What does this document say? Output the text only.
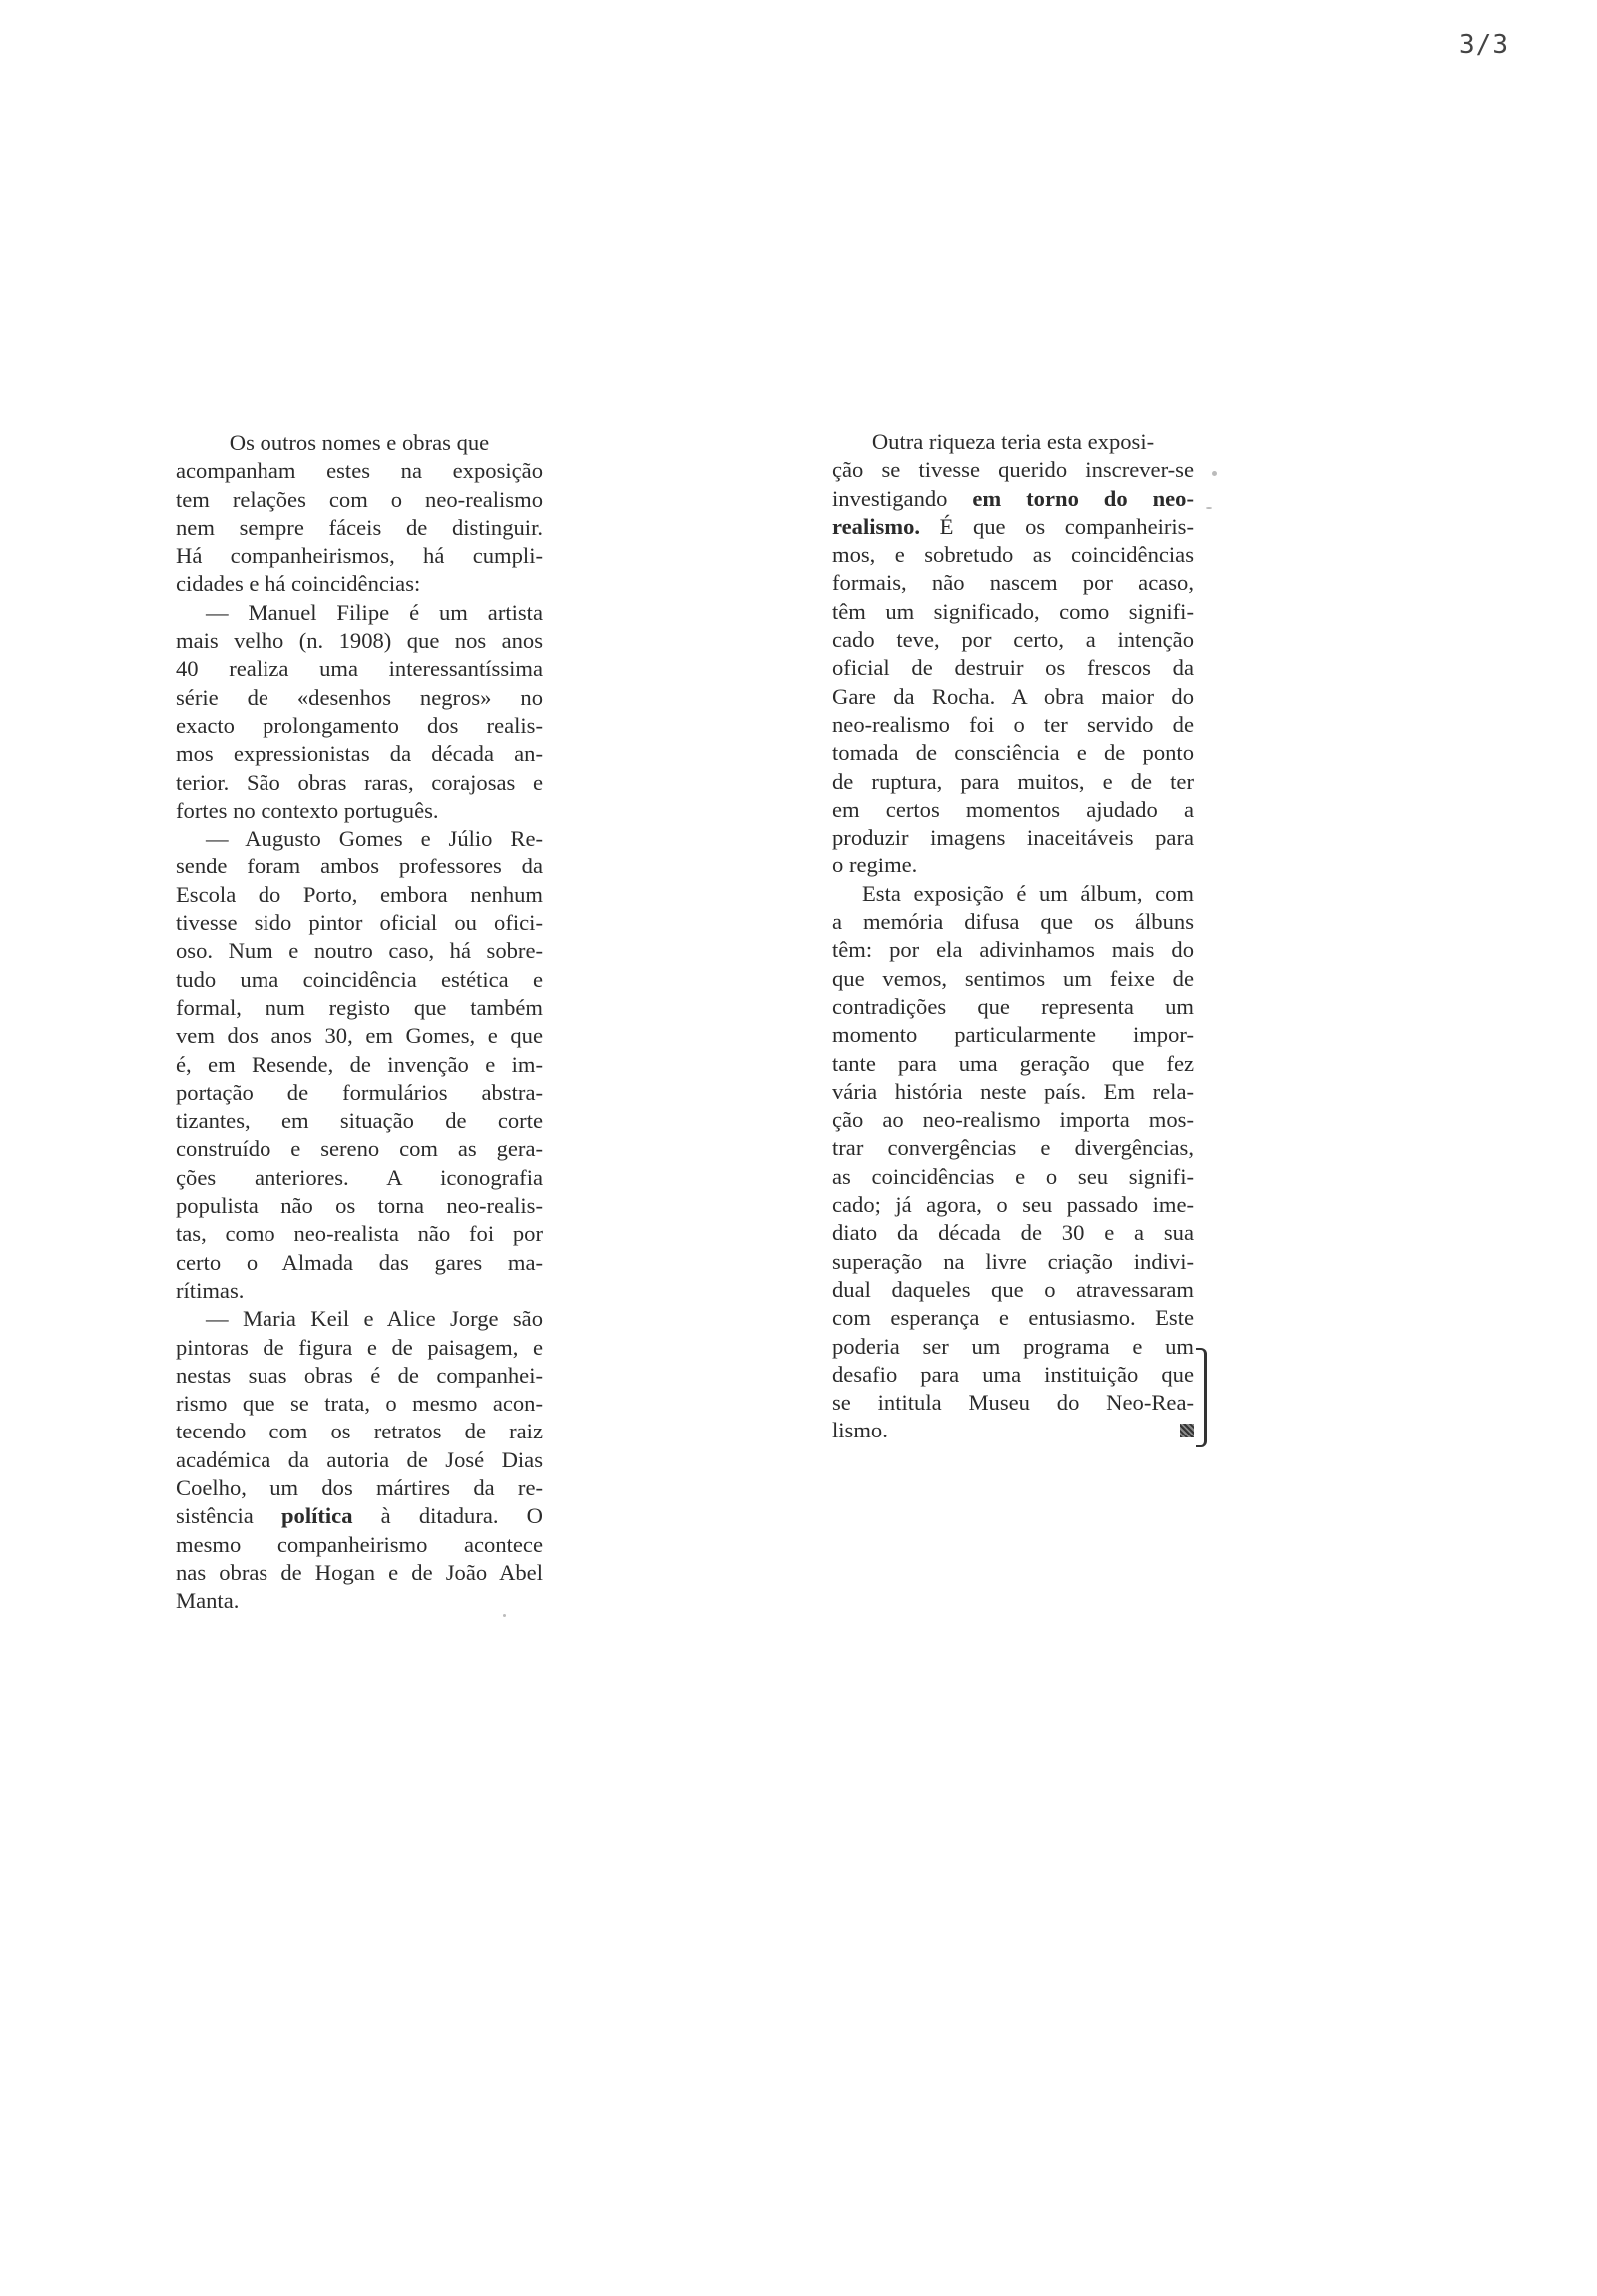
3/3
Os outros nomes e obras que
acompanham estes na exposição
tem relações com o neo-realismo
nem sempre fáceis de distinguir.
Há companheirismos, há cumpli-
cidades e há coincidências:
— Manuel Filipe é um artista
mais velho (n. 1908) que nos anos
40 realiza uma interessantíssima
série de «desenhos negros» no
exacto prolongamento dos realis-
mos expressionistas da década an-
terior. São obras raras, corajosas e
fortes no contexto português.
— Augusto Gomes e Júlio Re-
sende foram ambos professores da
Escola do Porto, embora nenhum
tivesse sido pintor oficial ou ofici-
oso. Num e noutro caso, há sobre-
tudo uma coincidência estética e
formal, num registo que também
vem dos anos 30, em Gomes, e que
é, em Resende, de invenção e im-
portação de formulários abstra-
tizantes, em situação de corte
construído e sereno com as gera-
ções anteriores. A iconografia
populista não os torna neo-realis-
tas, como neo-realista não foi por
certo o Almada das gares ma-
rítimas.
— Maria Keil e Alice Jorge são
pintoras de figura e de paisagem, e
nestas suas obras é de companhei-
rismo que se trata, o mesmo acon-
tecendo com os retratos de raiz
académica da autoria de José Dias
Coelho, um dos mártires da re-
sistência política à ditadura. O
mesmo companheirismo acontece
nas obras de Hogan e de João Abel
Manta.
Outra riqueza teria esta exposi-
ção se tivesse querido inscrever-se
investigando em torno do neo-
realismo. É que os companheiris-
mos, e sobretudo as coincidências
formais, não nascem por acaso,
têm um significado, como signifi-
cado teve, por certo, a intenção
oficial de destruir os frescos da
Gare da Rocha. A obra maior do
neo-realismo foi o ter servido de
tomada de consciência e de ponto
de ruptura, para muitos, e de ter
em certos momentos ajudado a
produzir imagens inaceitáveis para
o regime.
Esta exposição é um álbum, com
a memória difusa que os álbuns
têm: por ela adivinhamos mais do
que vemos, sentimos um feixe de
contradições que representa um
momento particularmente impor-
tante para uma geração que fez
vária história neste país. Em rela-
ção ao neo-realismo importa mos-
trar convergências e divergências,
as coincidências e o seu signifi-
cado; já agora, o seu passado ime-
diato da década de 30 e a sua
superação na livre criação indivi-
dual daqueles que o atravessaram
com esperança e entusiasmo. Este
poderia ser um programa e um
desafio para uma instituição que
se intitula Museu do Neo-Rea-
lismo.
